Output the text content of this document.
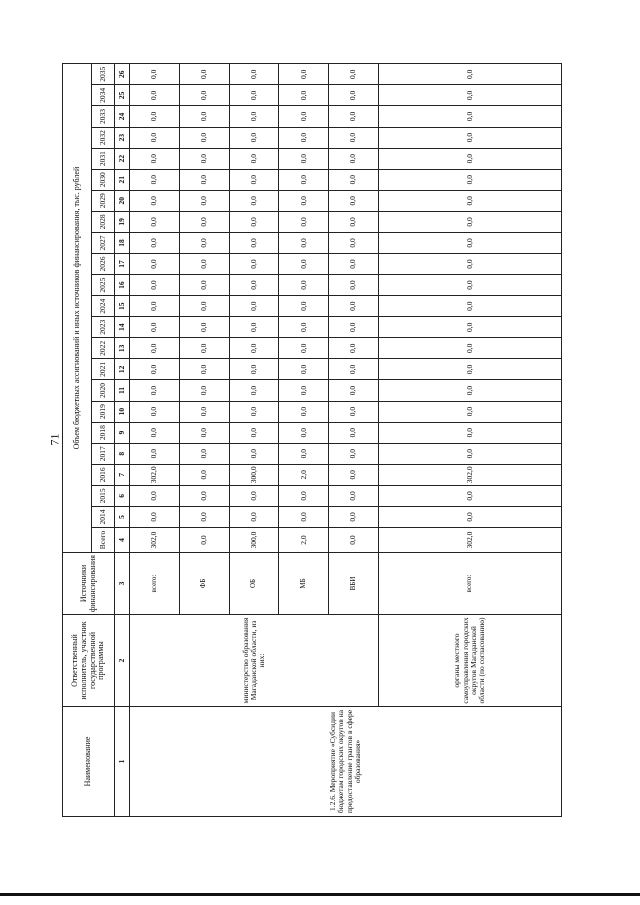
71
Наименование	Ответственный исполнитель, участник государственной программы	Источники финансирования	Объем бюджетных ассигнований и иных источников финансирования, тыс. рублей																						
			Всего	2014	2015	2016	2017	2018	2019	2020	2021	2022	2023	2024	2025	2026	2027	2028	2029	2030	2031	2032	2033	2034	2035
1	2	3	4	5	6	7	8	9	10	11	12	13	14	15	16	17	18	19	20	21	22	23	24	25	26
1.2.6. Мероприятие «Субсидии бюджетам городских округов на предоставление грантов в сфере образования»	министерство образования Магаданской области, из них:	всего:	302,0	0,0	0,0	302,0	0,0	0,0	0,0	0,0	0,0	0,0	0,0	0,0	0,0	0,0	0,0	0,0	0,0	0,0	0,0	0,0	0,0	0,0	0,0
		ФБ	0,0	0,0	0,0	0,0	0,0	0,0	0,0	0,0	0,0	0,0	0,0	0,0	0,0	0,0	0,0	0,0	0,0	0,0	0,0	0,0	0,0	0,0	0,0
		ОБ	300,0	0,0	0,0	300,0	0,0	0,0	0,0	0,0	0,0	0,0	0,0	0,0	0,0	0,0	0,0	0,0	0,0	0,0	0,0	0,0	0,0	0,0	0,0
		МБ	2,0	0,0	0,0	2,0	0,0	0,0	0,0	0,0	0,0	0,0	0,0	0,0	0,0	0,0	0,0	0,0	0,0	0,0	0,0	0,0	0,0	0,0	0,0
		ВБИ	0,0	0,0	0,0	0,0	0,0	0,0	0,0	0,0	0,0	0,0	0,0	0,0	0,0	0,0	0,0	0,0	0,0	0,0	0,0	0,0	0,0	0,0	0,0
	органы местного самоуправления городских округов Магаданской области (по согласованию)	всего:	302,0	0,0	0,0	302,0	0,0	0,0	0,0	0,0	0,0	0,0	0,0	0,0	0,0	0,0	0,0	0,0	0,0	0,0	0,0	0,0	0,0	0,0	0,0
